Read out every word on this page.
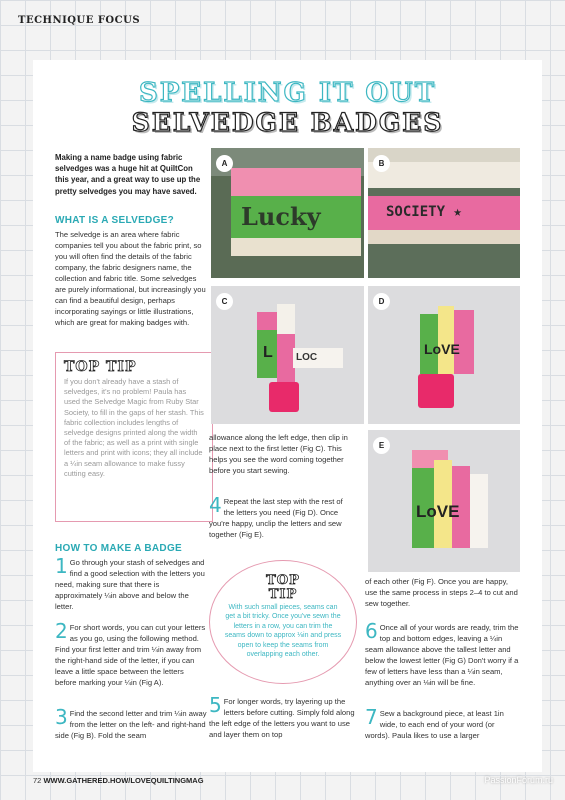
TECHNIQUE FOCUS
SPELLING IT OUT
SELVEDGE BADGES
Making a name badge using fabric selvedges was a huge hit at QuiltCon this year, and a great way to use up the pretty selvedges you may have saved.
WHAT IS A SELVEDGE?
The selvedge is an area where fabric companies tell you about the fabric print, so you will often find the details of the fabric company, the fabric designers name, the collection and fabric title. Some selvedges are purely informational, but increasingly you can find a beautiful design, perhaps incorporating sayings or little illustrations, which are great for making badges with.
TOP TIP
If you don't already have a stash of selvedges, it's no problem! Paula has used the Selvedge Magic from Ruby Star Society, to fill in the gaps of her stash. This fabric collection includes lengths of selvedge designs printed along the width of the fabric; as well as a print with single letters and print with icons; they all include a ¼in seam allowance to make fussy cutting easy.
HOW TO MAKE A BADGE
1 Go through your stash of selvedges and find a good selection with the letters you need, making sure that there is approximately ¼in above and below the letter.
2 For short words, you can cut your letters as you go, using the following method. Find your first letter and trim ¼in away from the right-hand side of the letter, if you can leave a little space between the letters before marking your ¼in (Fig A).
3 Find the second letter and trim ¼in away from the letter on the left- and right-hand side (Fig B). Fold the seam
Lucky
A
SOCIETY ★
B
L	LOC
C
LoVE
D
LoVE
E
allowance along the left edge, then clip in place next to the first letter (Fig C). This helps you see the word coming together before you start sewing.
4 Repeat the last step with the rest of the letters you need (Fig D). Once you're happy, unclip the letters and sew together (Fig E).
TOP
TIP
With such small pieces, seams can get a bit tricky. Once you've sewn the letters in a row, you can trim the seams down to approx ⅛in and press open to keep the seams from overlapping each other.
5 For longer words, try layering up the letters before cutting. Simply fold along the left edge of the letters you want to use and layer them on top
of each other (Fig F). Once you are happy, use the same process in steps 2–4 to cut and sew together.
6 Once all of your words are ready, trim the top and bottom edges, leaving a ¼in seam allowance above the tallest letter and below the lowest letter (Fig G) Don't worry if a few of letters have less than a ¼in seam, anything over an ⅛in will be fine.
7 Sew a background piece, at least 1in wide, to each end of your word (or words). Paula likes to use a larger
72 WWW.GATHERED.HOW/LOVEQUILTINGMAG	PassionForum.ru
